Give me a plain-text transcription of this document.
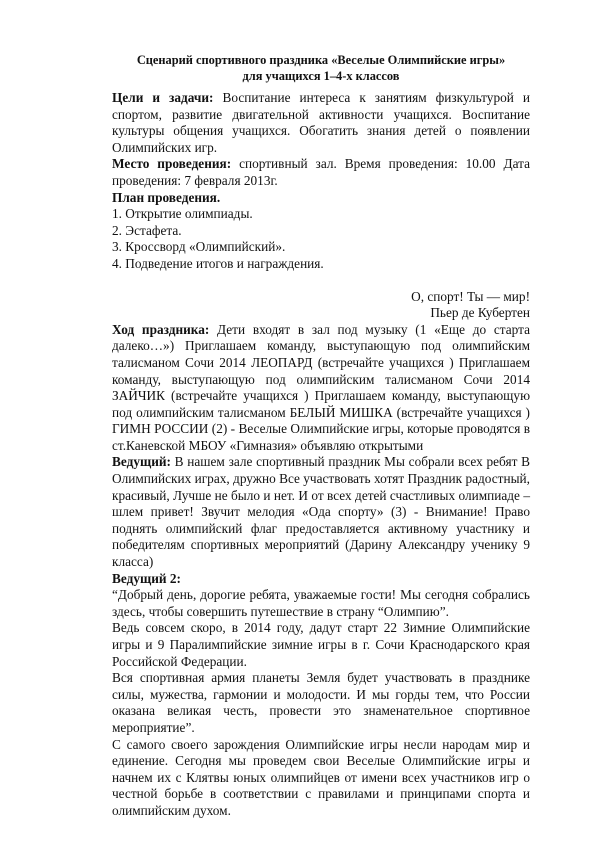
Сценарий спортивного праздника «Веселые Олимпийские игры»
для учащихся 1–4-х классов

Цели и задачи: Воспитание интереса к занятиям физкультурой и спортом, развитие двигательной активности учащихся. Воспитание культуры общения учащихся. Обогатить знания детей о появлении Олимпийских игр.

Место проведения: спортивный зал. Время проведения: 10.00 Дата проведения: 7 февраля 2013г.

План проведения.

1. Открытие олимпиады.
2. Эстафета.
3. Кроссворд «Олимпийский».
4. Подведение итогов и награждения.
О, спорт! Ты — мир!
Пьер де Кубертен

Ход праздника: Дети входят в зал под музыку (1 «Еще до старта далеко…») Приглашаем команду, выступающую под олимпийским талисманом Сочи 2014 ЛЕОПАРД (встречайте учащихся ) Приглашаем команду, выступающую под олимпийским талисманом Сочи 2014 ЗАЙЧИК (встречайте учащихся ) Приглашаем команду, выступающую под олимпийским талисманом БЕЛЫЙ МИШКА (встречайте учащихся ) ГИМН РОССИИ (2) - Веселые Олимпийские игры, которые проводятся в ст.Каневской МБОУ «Гимназия» объявляю открытыми

Ведущий: В нашем зале спортивный праздник Мы собрали всех ребят В Олимпийских играх, дружно Все участвовать хотят Праздник радостный, красивый, Лучше не было и нет. И от всех детей счастливых олимпиаде – шлем привет! Звучит мелодия «Ода спорту» (3) - Внимание! Право поднять олимпийский флаг предоставляется активному участнику и победителям спортивных мероприятий (Дарину Александру ученику 9 класса)

Ведущий 2:

“Добрый день, дорогие ребята, уважаемые гости! Мы сегодня собрались здесь, чтобы совершить путешествие в страну “Олимпию”.

Ведь совсем скоро, в 2014 году, дадут старт 22 Зимние Олимпийские игры и 9 Паралимпийские зимние игры в г. Сочи Краснодарского края Российской Федерации.

Вся спортивная армия планеты Земля будет участвовать в празднике силы, мужества, гармонии и молодости. И мы горды тем, что России оказана великая честь, провести это знаменательное спортивное мероприятие”.

С самого своего зарождения Олимпийские игры несли народам мир и единение. Сегодня мы проведем свои Веселые Олимпийские игры и начнем их с Клятвы юных олимпийцев от имени всех участников игр о честной борьбе в соответствии с правилами и принципами спорта и олимпийским духом.
